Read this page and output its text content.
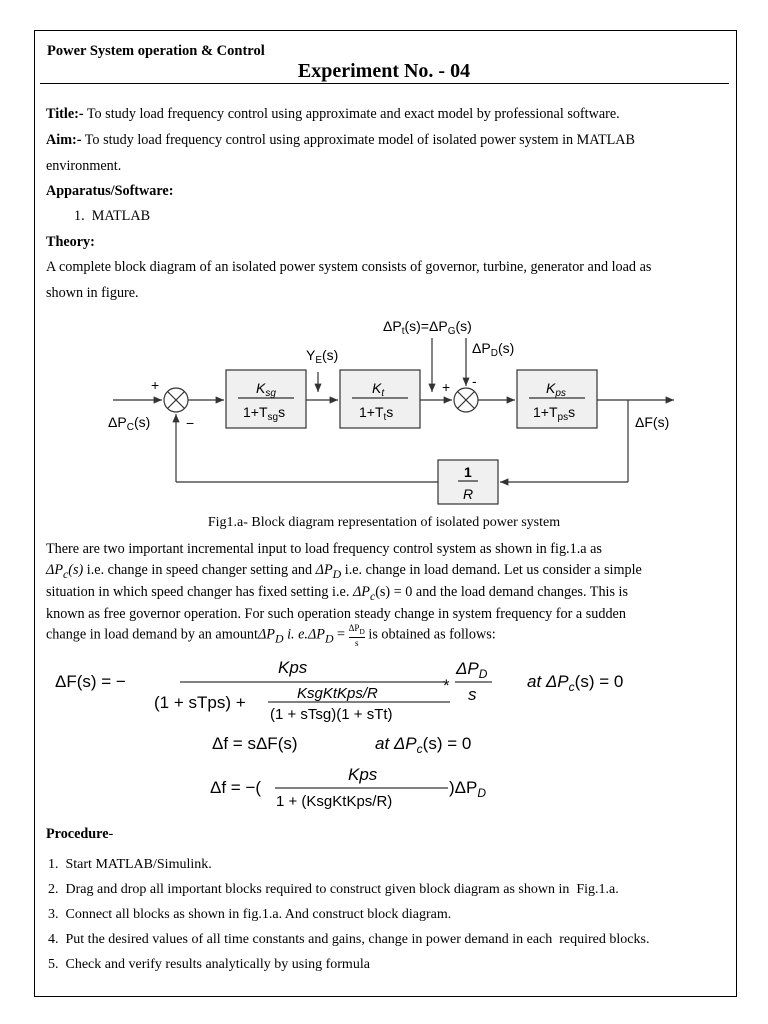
Power System operation & Control
Experiment No. - 04
Title:- To study load frequency control using approximate and exact model by professional software.
Aim:- To study load frequency control using approximate model of isolated power system in MATLAB
environment.
Apparatus/Software:
1.  MATLAB
Theory:
A complete block diagram of an isolated power system consists of governor, turbine, generator and load as
shown in figure.
$\Delta P_C(s)$
+
−
$K_{sg}$
$1+T_{sg}s$
$Y_E(s)$
$K_t$
$1+T_ts$
$\Delta P_t(s)=\Delta P_G(s)$
$\Delta P_D(s)$
+ -	$K_{ps}$
$1+T_{ps}s$
ΔF(s)
1
R
Fig1.a- Block diagram representation of isolated power system
There are two important incremental input to load frequency control system as shown in fig.1.a as
$\Delta P_c(s)$ i.e. change in speed changer setting and $\Delta P_D$ i.e. change in load demand. Let us consider a simple
situation in which speed changer has fixed setting i.e. $\Delta P_c(s) = 0$ and the load demand changes. This is
known as free governor operation. For such operation steady change in system frequency for a sudden
change in load demand by an amountΔP$_D$ i. $e.\Delta P_D = \Delta P_D$
s
is obtained as follows:
ΔF(s) = −
Kps
(1 + sTps) +	KsgKtKps/R
(1 + sTsg)(1 + sTt)
*
$\Delta P_D$
s
at $\Delta P_c(s) = 0$
Δf = sΔF(s)	at $\Delta P_c(s) = 0$
Δf = −(
Kps
1 + (KsgKtKps/R)
)$\Delta P_D$
Procedure-
1.  Start MATLAB/Simulink.
2.  Drag and drop all important blocks required to construct given block diagram as shown in  Fig.1.a.
3.  Connect all blocks as shown in fig.1.a. And construct block diagram.
4.  Put the desired values of all time constants and gains, change in power demand in each  required blocks.
5.  Check and verify results analytically by using formula
